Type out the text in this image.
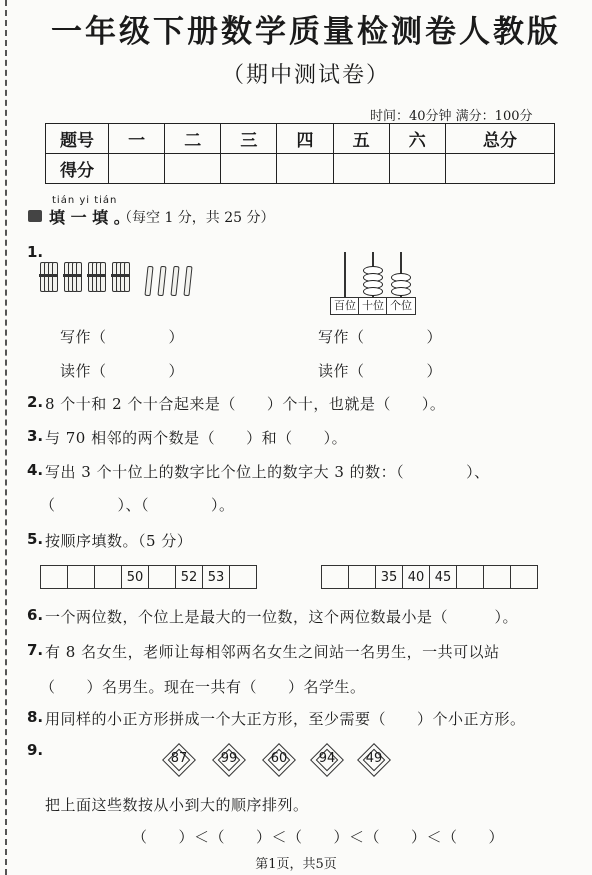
一年级下册数学质量检测卷人教版
（期中测试卷）
时间：40分钟 满分：100分
题号	一	二	三	四	五	六	总分
得分							
tián yi tián
填 一 填 。
（每空 1 分，共 25 分）
1.
百位 十位 个位
写作（　　　　）
读作（　　　　）
写作（　　　　）
读作（　　　　）
2. 8 个十和 2 个十合起来是（　　）个十，也就是（　　）。
3. 与 70 相邻的两个数是（　　）和（　　）。
4. 写出 3 个十位上的数字比个位上的数字大 3 的数：（　　　　）、
（　　　　）、（　　　　）。
5. 按顺序填数。（5 分）
			50		52	53	
			35	40	45			
6. 一个两位数，个位上是最大的一位数，这个两位数最小是（　　　）。
7. 有 8 名女生，老师让每相邻两名女生之间站一名男生，一共可以站
（　　）名男生。现在一共有（　　）名学生。
8. 用同样的小正方形拼成一个大正方形，至少需要（　　）个小正方形。
9.	87	99	60	94	49
把上面这些数按从小到大的顺序排列。
（　　）＜（　　）＜（　　）＜（　　）＜（　　）
第1页，共5页
